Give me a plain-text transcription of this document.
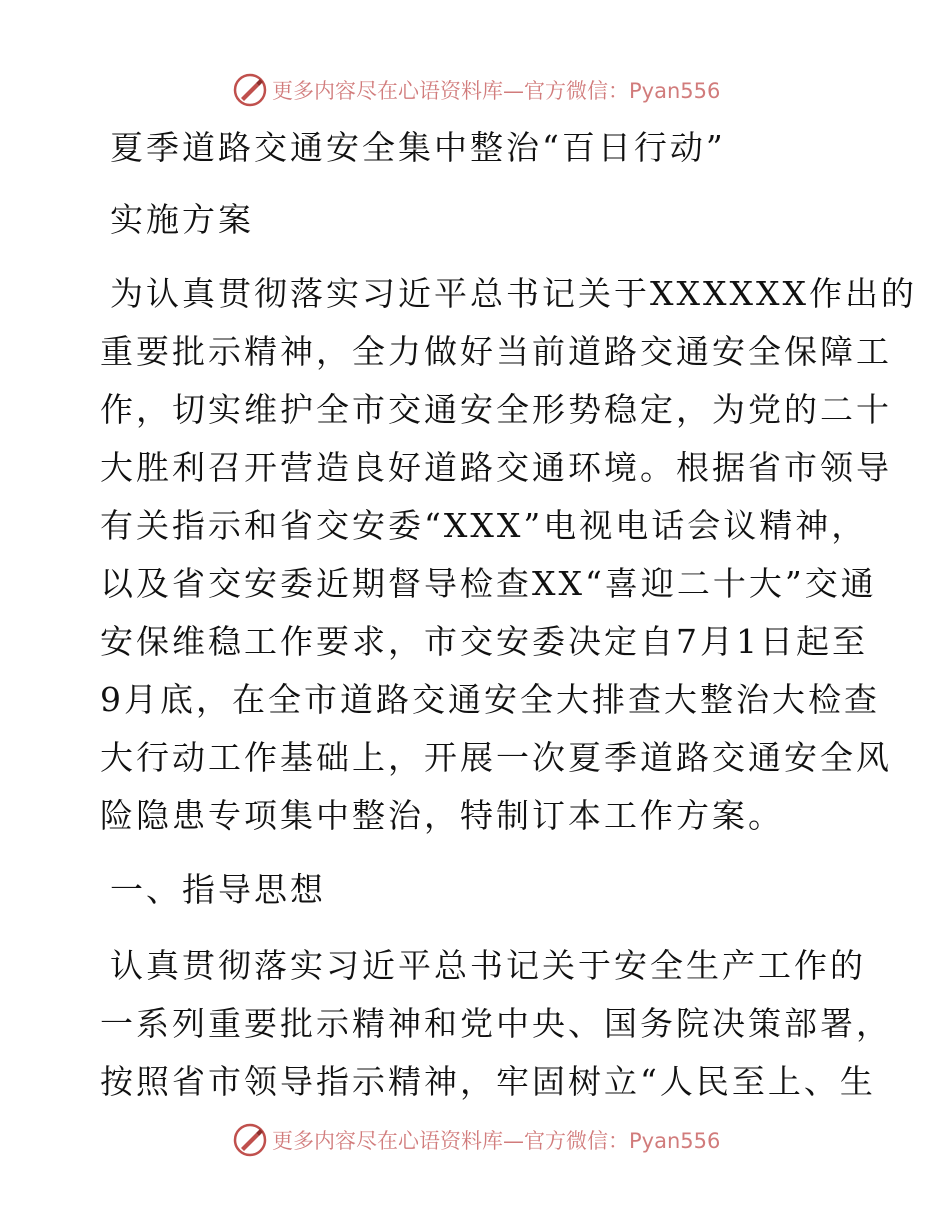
更多内容尽在心语资料库—官方微信：Pyan556
夏季道路交通安全集中整治“百日行动”
实施方案
为认真贯彻落实习近平总书记关于XXXXXX作出的
重要批示精神，全力做好当前道路交通安全保障工
作，切实维护全市交通安全形势稳定，为党的二十
大胜利召开营造良好道路交通环境。根据省市领导
有关指示和省交安委“XXX”电视电话会议精神，
以及省交安委近期督导检查XX“喜迎二十大”交通
安保维稳工作要求，市交安委决定自7月1日起至
9月底，在全市道路交通安全大排查大整治大检查
大行动工作基础上，开展一次夏季道路交通安全风
险隐患专项集中整治，特制订本工作方案。
一、指导思想
认真贯彻落实习近平总书记关于安全生产工作的
一系列重要批示精神和党中央、国务院决策部署，
按照省市领导指示精神，牢固树立“人民至上、生
更多内容尽在心语资料库—官方微信：Pyan556
